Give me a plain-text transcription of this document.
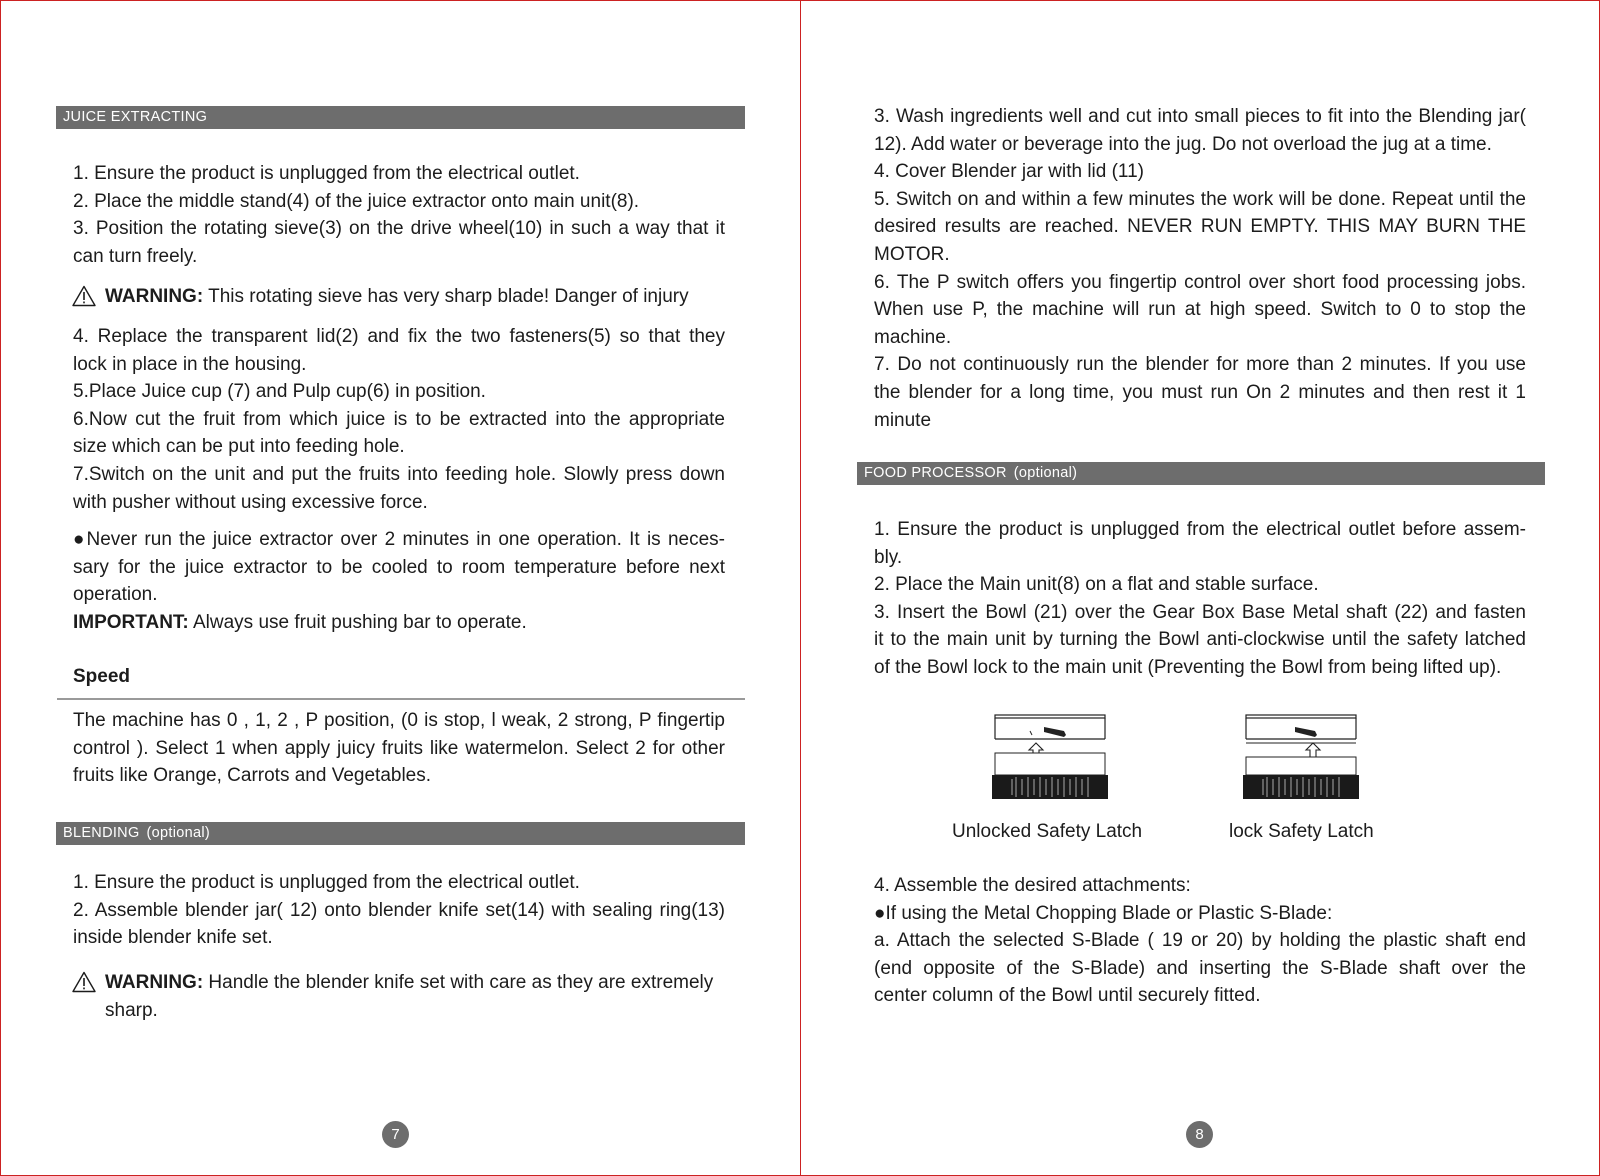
JUICE EXTRACTING

1. Ensure the product is unplugged from the electrical outlet.

2. Place the middle stand(4) of the juice extractor onto main unit(8).

3. Position the rotating sieve(3) on the drive wheel(10) in such a way that it

can turn freely.

WARNING: This rotating sieve has very sharp blade! Danger of injury

4. Replace the transparent lid(2) and fix the two fasteners(5) so that they

lock in place in the housing.

5.Place Juice cup (7) and Pulp cup(6) in position.

6.Now cut the fruit from which juice is to be extracted into the appropriate

size which can be put into feeding hole.

7.Switch on the unit and put the fruits into feeding hole. Slowly press down

with pusher without using excessive force.

●Never run the juice extractor over 2 minutes in one operation. It is neces-

sary for the juice extractor to be cooled to room temperature before next

operation.

IMPORTANT: Always use fruit pushing bar to operate.

Speed

The machine has 0 , 1, 2 , P position, (0 is stop, l weak, 2 strong, P fingertip

control ). Select 1 when apply juicy fruits like watermelon. Select 2 for other

fruits like Orange, Carrots and Vegetables.

BLENDING (optional)

1. Ensure the product is unplugged from the electrical outlet.

2. Assemble blender jar( 12) onto blender knife set(14) with sealing ring(13)

inside blender knife set.

WARNING: Handle the blender knife set with care as they are extremely
sharp.
7

3. Wash ingredients well and cut into small pieces to fit into the Blending jar(

12). Add water or beverage into the jug. Do not overload the jug at a time.

4. Cover Blender jar with lid (11)

5. Switch on and within a few minutes the work will be done. Repeat until the

desired results are reached. NEVER RUN EMPTY. THIS MAY BURN THE

MOTOR.

6. The P switch offers you fingertip control over short food processing jobs.

When use P, the machine will run at high speed. Switch to 0 to stop the

machine.

7. Do not continuously run the blender for more than 2 minutes. If you use

the blender for a long time, you must run On 2 minutes and then rest it 1

minute

FOOD PROCESSOR (optional)

1. Ensure the product is unplugged from the electrical outlet before assem-

bly.

2. Place the Main unit(8) on a flat and stable surface.

3. Insert the Bowl (21) over the Gear Box Base Metal shaft (22) and fasten

it to the main unit by turning the Bowl anti-clockwise until the safety latched

of the Bowl lock to the main unit (Preventing the Bowl from being lifted up).

Unlocked Safety Latch	lock Safety Latch

4. Assemble the desired attachments:

●If using the Metal Chopping Blade or Plastic S-Blade:

a. Attach the selected S-Blade ( 19 or 20) by holding the plastic shaft end

(end opposite of the S-Blade) and inserting the S-Blade shaft over the

center column of the Bowl until securely fitted.

8
